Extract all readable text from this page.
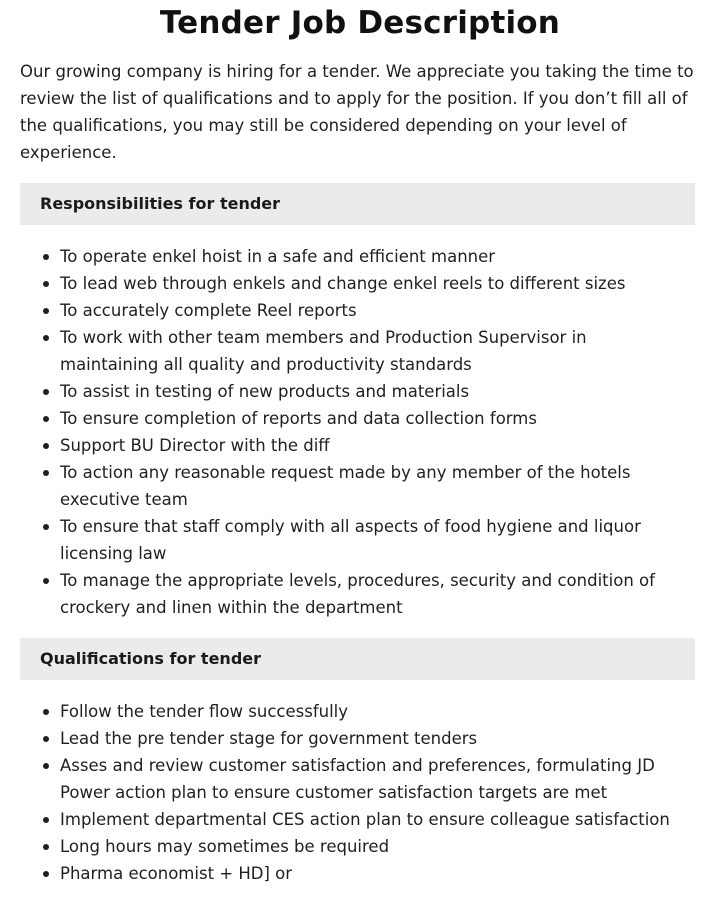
Tender Job Description

Our growing company is hiring for a tender. We appreciate you taking the time to review the list of qualifications and to apply for the position. If you don’t fill all of the qualifications, you may still be considered depending on your level of experience.

Responsibilities for tender
To operate enkel hoist in a safe and efficient manner
To lead web through enkels and change enkel reels to different sizes
To accurately complete Reel reports
To work with other team members and Production Supervisor in maintaining all quality and productivity standards
To assist in testing of new products and materials
To ensure completion of reports and data collection forms
Support BU Director with the diff
To action any reasonable request made by any member of the hotels executive team
To ensure that staff comply with all aspects of food hygiene and liquor licensing law
To manage the appropriate levels, procedures, security and condition of crockery and linen within the department
Qualifications for tender
Follow the tender flow successfully
Lead the pre tender stage for government tenders
Asses and review customer satisfaction and preferences, formulating JD Power action plan to ensure customer satisfaction targets are met
Implement departmental CES action plan to ensure colleague satisfaction
Long hours may sometimes be required
Pharma economist + HD] or
